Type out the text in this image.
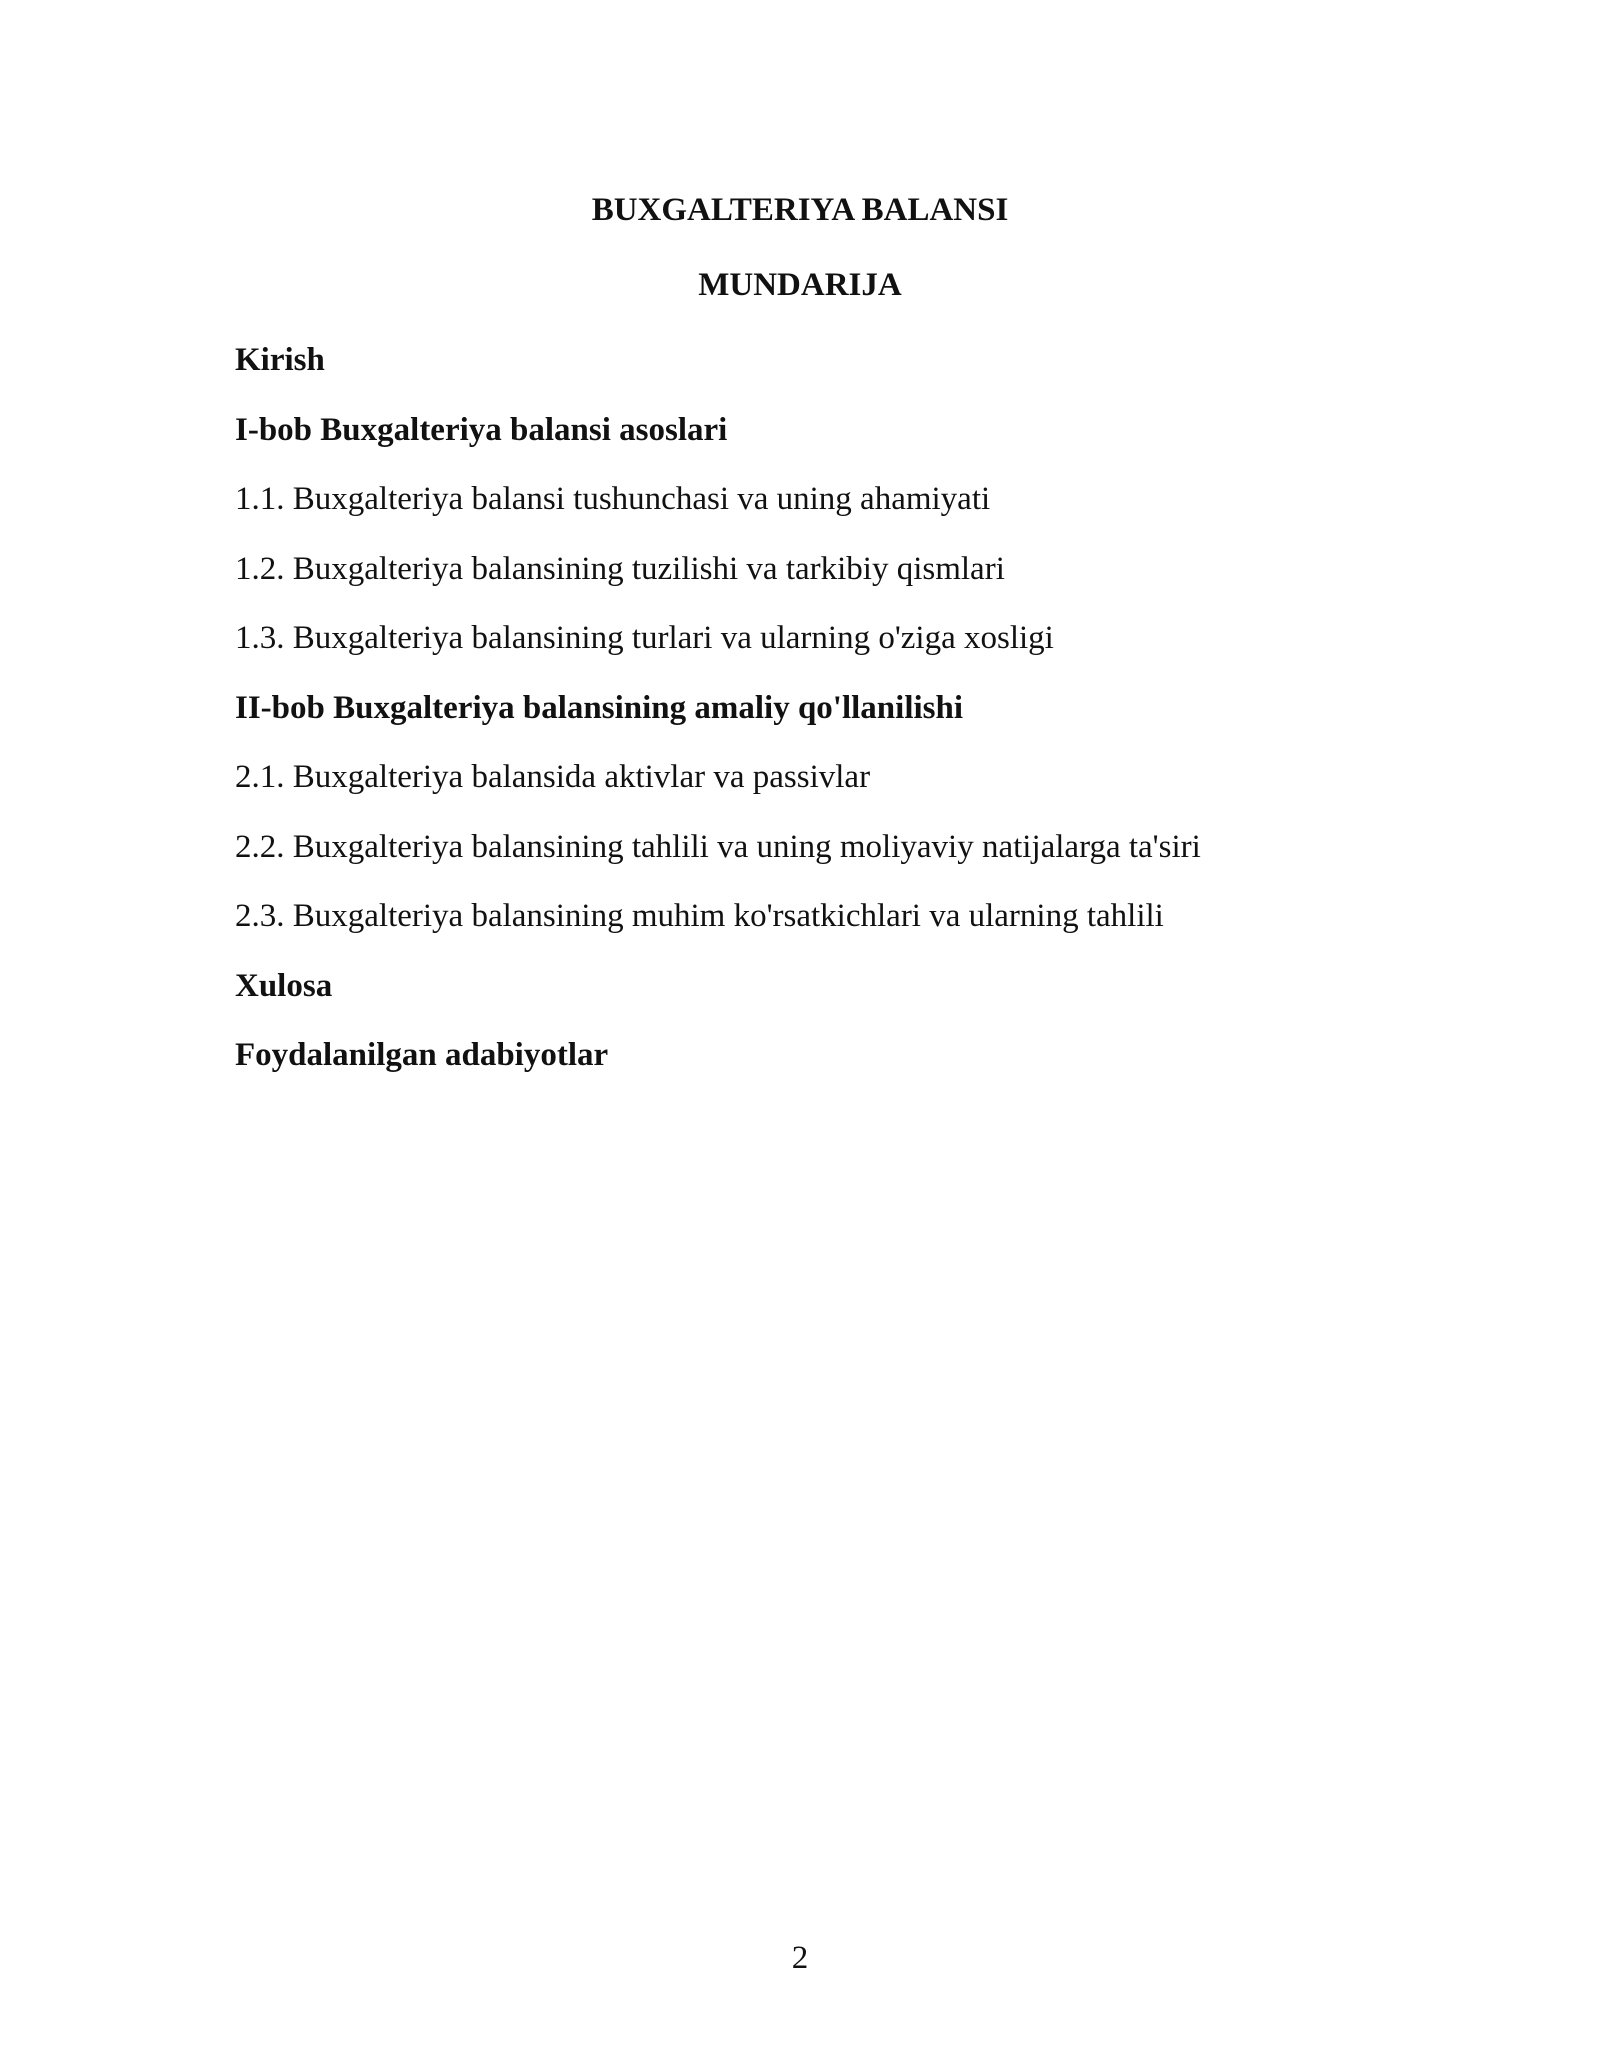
BUXGALTERIYA BALANSI
MUNDARIJA
Kirish
I-bob Buxgalteriya balansi asoslari
1.1. Buxgalteriya balansi tushunchasi va uning ahamiyati
1.2. Buxgalteriya balansining tuzilishi va tarkibiy qismlari
1.3. Buxgalteriya balansining turlari va ularning o'ziga xosligi
II-bob Buxgalteriya balansining amaliy qo'llanilishi
2.1. Buxgalteriya balansida aktivlar va passivlar
2.2. Buxgalteriya balansining tahlili va uning moliyaviy natijalarga ta'siri
2.3. Buxgalteriya balansining muhim ko'rsatkichlari va ularning tahlili
Xulosa
Foydalanilgan adabiyotlar
2
